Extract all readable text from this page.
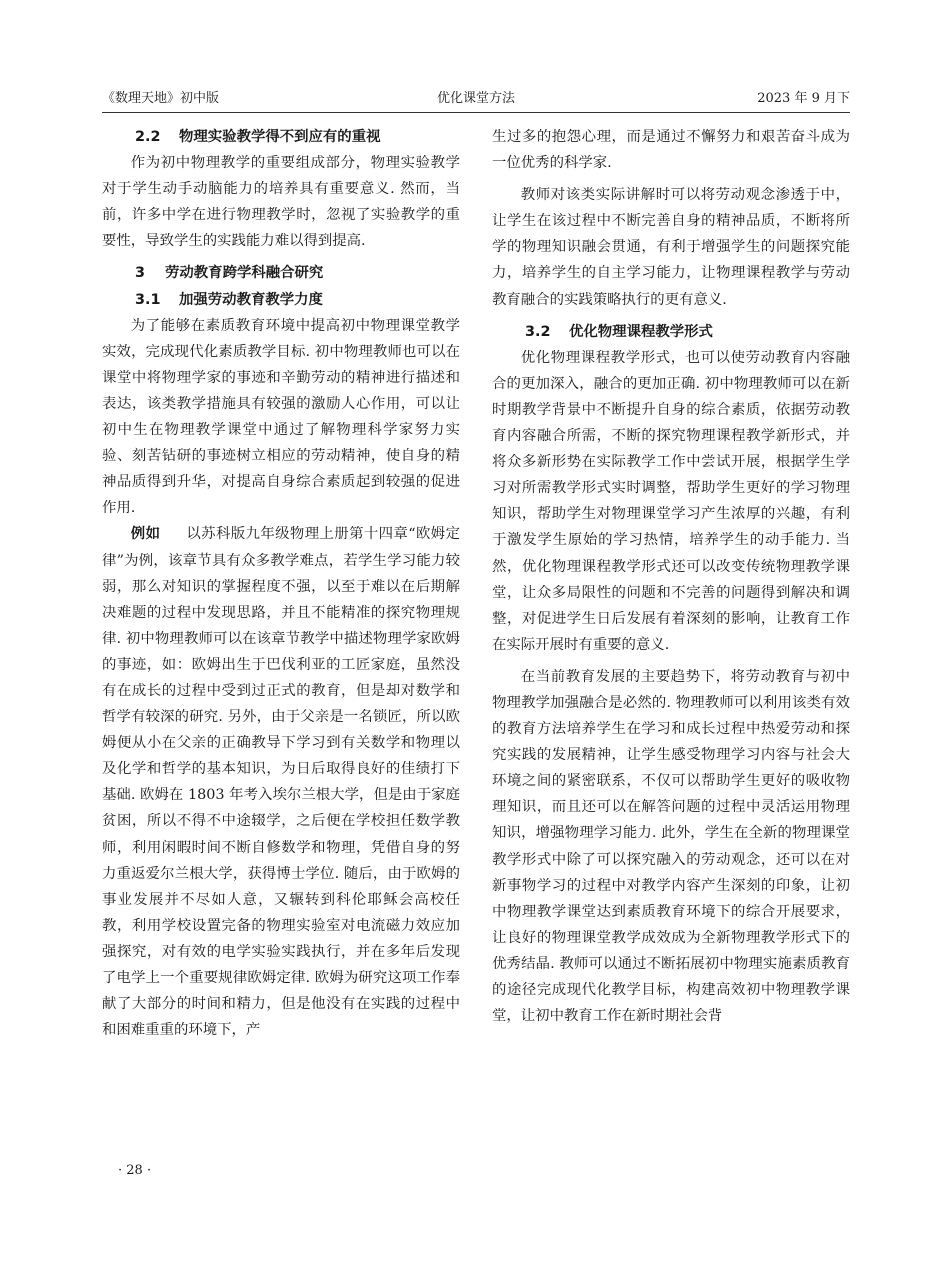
《数理天地》初中版	优化课堂方法	2023 年 9 月下
2.2 物理实验教学得不到应有的重视

作为初中物理教学的重要组成部分，物理实验教学对于学生动手动脑能力的培养具有重要意义. 然而，当前，许多中学在进行物理教学时，忽视了实验教学的重要性，导致学生的实践能力难以得到提高.

3 劳动教育跨学科融合研究
3.1 加强劳动教育教学力度

为了能够在素质教育环境中提高初中物理课堂教学实效，完成现代化素质教学目标. 初中物理教师也可以在课堂中将物理学家的事迹和辛勤劳动的精神进行描述和表达，该类教学措施具有较强的激励人心作用，可以让初中生在物理教学课堂中通过了解物理科学家努力实验、刻苦钻研的事迹树立相应的劳动精神，使自身的精神品质得到升华，对提高自身综合素质起到较强的促进作用.

例如 以苏科版九年级物理上册第十四章“欧姆定律”为例，该章节具有众多教学难点，若学生学习能力较弱，那么对知识的掌握程度不强，以至于难以在后期解决难题的过程中发现思路，并且不能精准的探究物理规律. 初中物理教师可以在该章节教学中描述物理学家欧姆的事迹，如：欧姆出生于巴伐利亚的工匠家庭，虽然没有在成长的过程中受到过正式的教育，但是却对数学和哲学有较深的研究. 另外，由于父亲是一名锁匠，所以欧姆便从小在父亲的正确教导下学习到有关数学和物理以及化学和哲学的基本知识，为日后取得良好的佳绩打下基础. 欧姆在 1803 年考入埃尔兰根大学，但是由于家庭贫困，所以不得不中途辍学，之后便在学校担任数学教师，利用闲暇时间不断自修数学和物理，凭借自身的努力重返爱尔兰根大学，获得博士学位. 随后，由于欧姆的事业发展并不尽如人意，又辗转到科伦耶稣会高校任教，利用学校设置完备的物理实验室对电流磁力效应加强探究，对有效的电学实验实践执行，并在多年后发现了电学上一个重要规律欧姆定律. 欧姆为研究这项工作奉献了大部分的时间和精力，但是他没有在实践的过程中和困难重重的环境下，产

生过多的抱怨心理，而是通过不懈努力和艰苦奋斗成为一位优秀的科学家.

教师对该类实际讲解时可以将劳动观念渗透于中，让学生在该过程中不断完善自身的精神品质，不断将所学的物理知识融会贯通，有利于增强学生的问题探究能力，培养学生的自主学习能力，让物理课程教学与劳动教育融合的实践策略执行的更有意义.

3.2 优化物理课程教学形式

优化物理课程教学形式，也可以使劳动教育内容融合的更加深入，融合的更加正确. 初中物理教师可以在新时期教学背景中不断提升自身的综合素质，依据劳动教育内容融合所需，不断的探究物理课程教学新形式，并将众多新形势在实际教学工作中尝试开展，根据学生学习对所需教学形式实时调整，帮助学生更好的学习物理知识，帮助学生对物理课堂学习产生浓厚的兴趣，有利于激发学生原始的学习热情，培养学生的动手能力. 当然，优化物理课程教学形式还可以改变传统物理教学课堂，让众多局限性的问题和不完善的问题得到解决和调整，对促进学生日后发展有着深刻的影响，让教育工作在实际开展时有重要的意义.

在当前教育发展的主要趋势下，将劳动教育与初中物理教学加强融合是必然的. 物理教师可以利用该类有效的教育方法培养学生在学习和成长过程中热爱劳动和探究实践的发展精神，让学生感受物理学习内容与社会大环境之间的紧密联系，不仅可以帮助学生更好的吸收物理知识，而且还可以在解答问题的过程中灵活运用物理知识，增强物理学习能力. 此外，学生在全新的物理课堂教学形式中除了可以探究融入的劳动观念，还可以在对新事物学习的过程中对教学内容产生深刻的印象，让初中物理教学课堂达到素质教育环境下的综合开展要求，让良好的物理课堂教学成效成为全新物理教学形式下的优秀结晶. 教师可以通过不断拓展初中物理实施素质教育的途径完成现代化教学目标，构建高效初中物理教学课堂，让初中教育工作在新时期社会背

· 28 ·
